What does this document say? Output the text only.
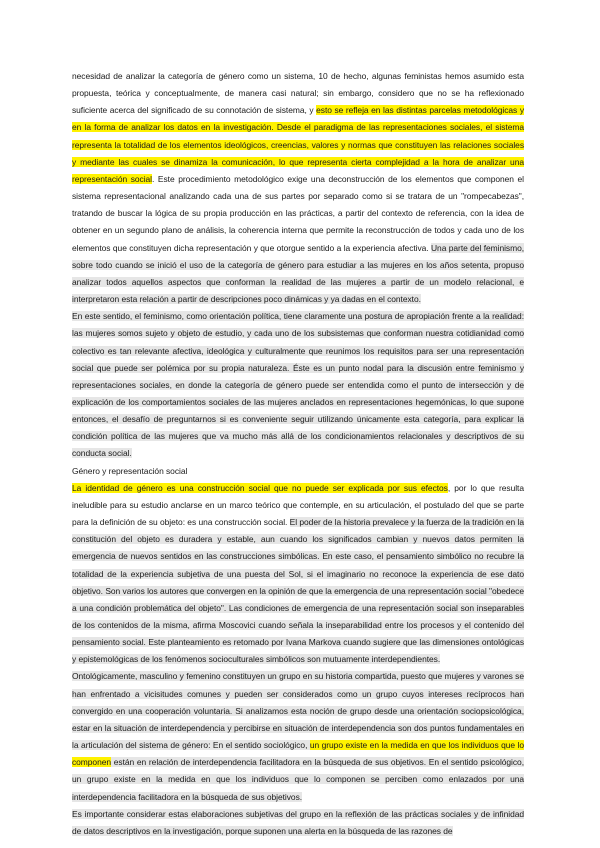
necesidad de analizar la categoría de género como un sistema, 10 de hecho, algunas feministas hemos asumido esta propuesta, teórica y conceptualmente, de manera casi natural; sin embargo, considero que no se ha reflexionado suficiente acerca del significado de su connotación de sistema, y esto se refleja en las distintas parcelas metodológicas y en la forma de analizar los datos en la investigación. Desde el paradigma de las representaciones sociales, el sistema representa la totalidad de los elementos ideológicos, creencias, valores y normas que constituyen las relaciones sociales y mediante las cuales se dinamiza la comunicación, lo que representa cierta complejidad a la hora de analizar una representación social. Este procedimiento metodológico exige una deconstrucción de los elementos que componen el sistema representacional analizando cada una de sus partes por separado como si se tratara de un "rompecabezas", tratando de buscar la lógica de su propia producción en las prácticas, a partir del contexto de referencia, con la idea de obtener en un segundo plano de análisis, la coherencia interna que permite la reconstrucción de todos y cada uno de los elementos que constituyen dicha representación y que otorgue sentido a la experiencia afectiva. Una parte del feminismo, sobre todo cuando se inició el uso de la categoría de género para estudiar a las mujeres en los años setenta, propuso analizar todos aquellos aspectos que conforman la realidad de las mujeres a partir de un modelo relacional, e interpretaron esta relación a partir de descripciones poco dinámicas y ya dadas en el contexto.

En este sentido, el feminismo, como orientación política, tiene claramente una postura de apropiación frente a la realidad: las mujeres somos sujeto y objeto de estudio, y cada uno de los subsistemas que conforman nuestra cotidianidad como colectivo es tan relevante afectiva, ideológica y culturalmente que reunimos los requisitos para ser una representación social que puede ser polémica por su propia naturaleza. Éste es un punto nodal para la discusión entre feminismo y representaciones sociales, en donde la categoría de género puede ser entendida como el punto de intersección y de explicación de los comportamientos sociales de las mujeres anclados en representaciones hegemónicas, lo que supone entonces, el desafío de preguntarnos si es conveniente seguir utilizando únicamente esta categoría, para explicar la condición política de las mujeres que va mucho más allá de los condicionamientos relacionales y descriptivos de su conducta social.

Género y representación social

La identidad de género es una construcción social que no puede ser explicada por sus efectos, por lo que resulta ineludible para su estudio anclarse en un marco teórico que contemple, en su articulación, el postulado del que se parte para la definición de su objeto: es una construcción social. El poder de la historia prevalece y la fuerza de la tradición en la constitución del objeto es duradera y estable, aun cuando los significados cambian y nuevos datos permiten la emergencia de nuevos sentidos en las construcciones simbólicas. En este caso, el pensamiento simbólico no recubre la totalidad de la experiencia subjetiva de una puesta del Sol, si el imaginario no reconoce la experiencia de ese dato objetivo. Son varios los autores que convergen en la opinión de que la emergencia de una representación social "obedece a una condición problemática del objeto". Las condiciones de emergencia de una representación social son inseparables de los contenidos de la misma, afirma Moscovici cuando señala la inseparabilidad entre los procesos y el contenido del pensamiento social. Este planteamiento es retomado por Ivana Markova cuando sugiere que las dimensiones ontológicas y epistemológicas de los fenómenos socioculturales simbólicos son mutuamente interdependientes.

Ontológicamente, masculino y femenino constituyen un grupo en su historia compartida, puesto que mujeres y varones se han enfrentado a vicisitudes comunes y pueden ser considerados como un grupo cuyos intereses recíprocos han convergido en una cooperación voluntaria. Si analizamos esta noción de grupo desde una orientación sociopsicológica, estar en la situación de interdependencia y percibirse en situación de interdependencia son dos puntos fundamentales en la articulación del sistema de género: En el sentido sociológico, un grupo existe en la medida en que los individuos que lo componen están en relación de interdependencia facilitadora en la búsqueda de sus objetivos. En el sentido psicológico, un grupo existe en la medida en que los individuos que lo componen se perciben como enlazados por una interdependencia facilitadora en la búsqueda de sus objetivos.

Es importante considerar estas elaboraciones subjetivas del grupo en la reflexión de las prácticas sociales y de infinidad de datos descriptivos en la investigación, porque suponen una alerta en la búsqueda de las razones de
